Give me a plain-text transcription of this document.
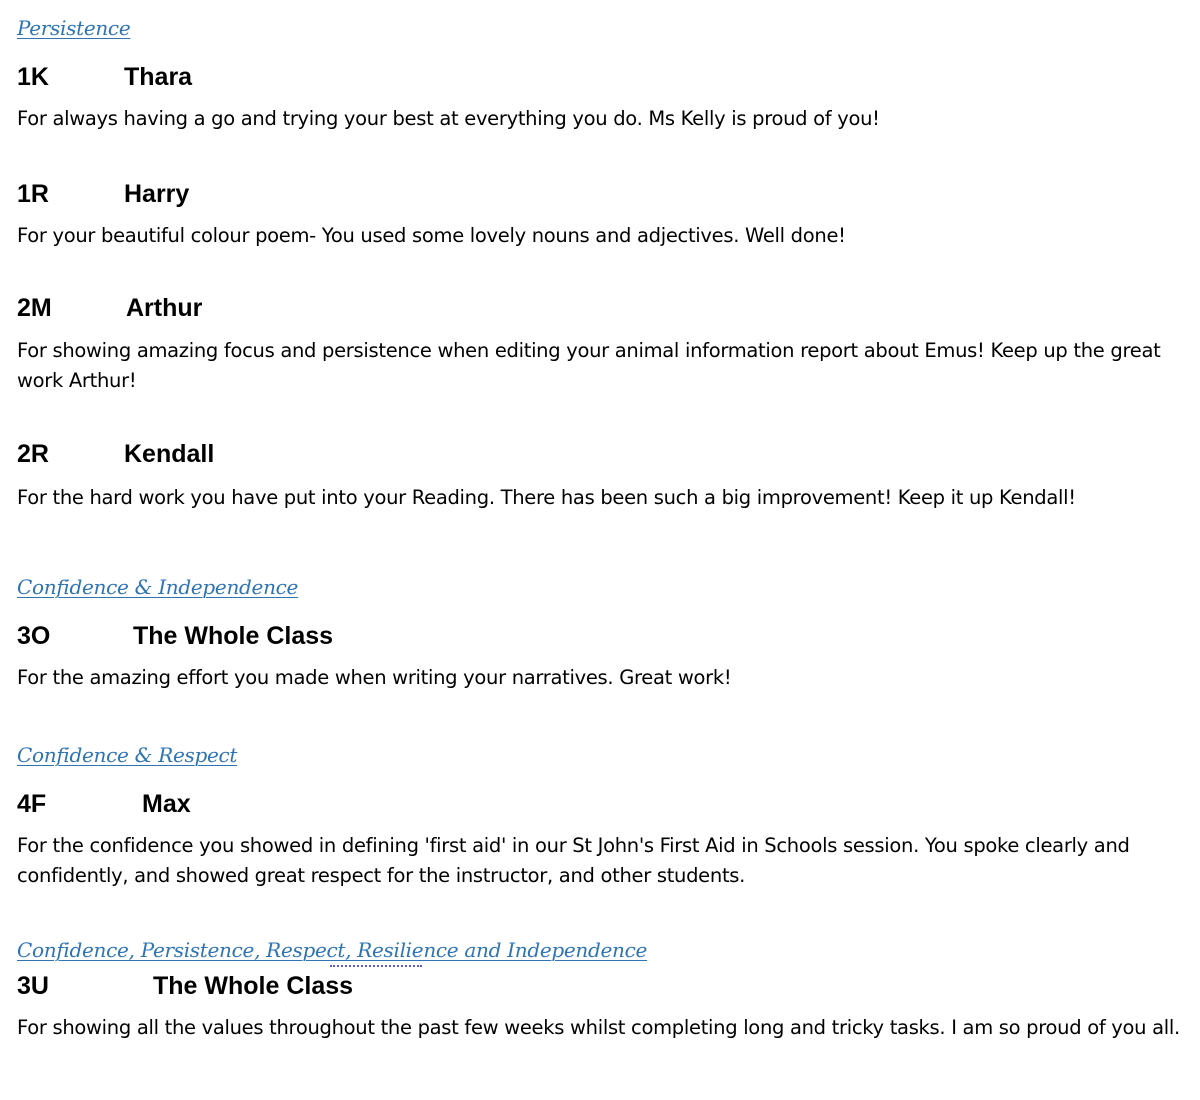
Persistence
1K	Thara
For always having a go and trying your best at everything you do. Ms Kelly is proud of you!
1R	Harry
For your beautiful colour poem- You used some lovely nouns and adjectives. Well done!
2M	Arthur
For showing amazing focus and persistence when editing your animal information report about Emus! Keep up the great work Arthur!
2R	Kendall
For the hard work you have put into your Reading. There has been such a big improvement! Keep it up Kendall!
Confidence & Independence
3O	The Whole Class
For the amazing effort you made when writing your narratives. Great work!
Confidence & Respect
4F	Max
For the confidence you showed in defining 'first aid' in our St John's First Aid in Schools session. You spoke clearly and confidently, and showed great respect for the instructor, and other students.
Confidence, Persistence, Respect, Resilience and Independence
3U	The Whole Class
For showing all the values throughout the past few weeks whilst completing long and tricky tasks. I am so proud of you all.
